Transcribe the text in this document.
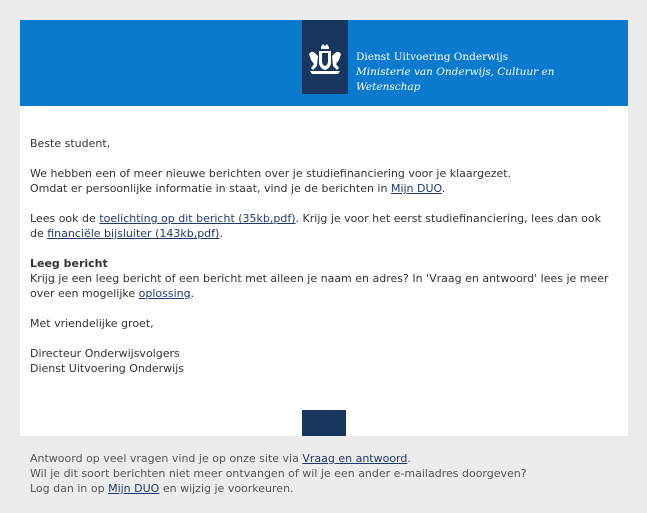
Dienst Uitvoering Onderwijs
Ministerie van Onderwijs, Cultuur en
Wetenschap

Beste student,

We hebben een of meer nieuwe berichten over je studiefinanciering voor je klaargezet.
Omdat er persoonlijke informatie in staat, vind je de berichten in Mijn DUO.

Lees ook de toelichting op dit bericht (35kb,pdf). Krijg je voor het eerst studiefinanciering, lees dan ook de financiële bijsluiter (143kb,pdf).

Leeg bericht
Krijg je een leeg bericht of een bericht met alleen je naam en adres? In 'Vraag en antwoord' lees je meer over een mogelijke oplossing.

Met vriendelijke groet,

Directeur Onderwijsvolgers
Dienst Uitvoering Onderwijs

Antwoord op veel vragen vind je op onze site via Vraag en antwoord.
Wil je dit soort berichten niet meer ontvangen of wil je een ander e-mailadres doorgeven?
Log dan in op Mijn DUO en wijzig je voorkeuren.
